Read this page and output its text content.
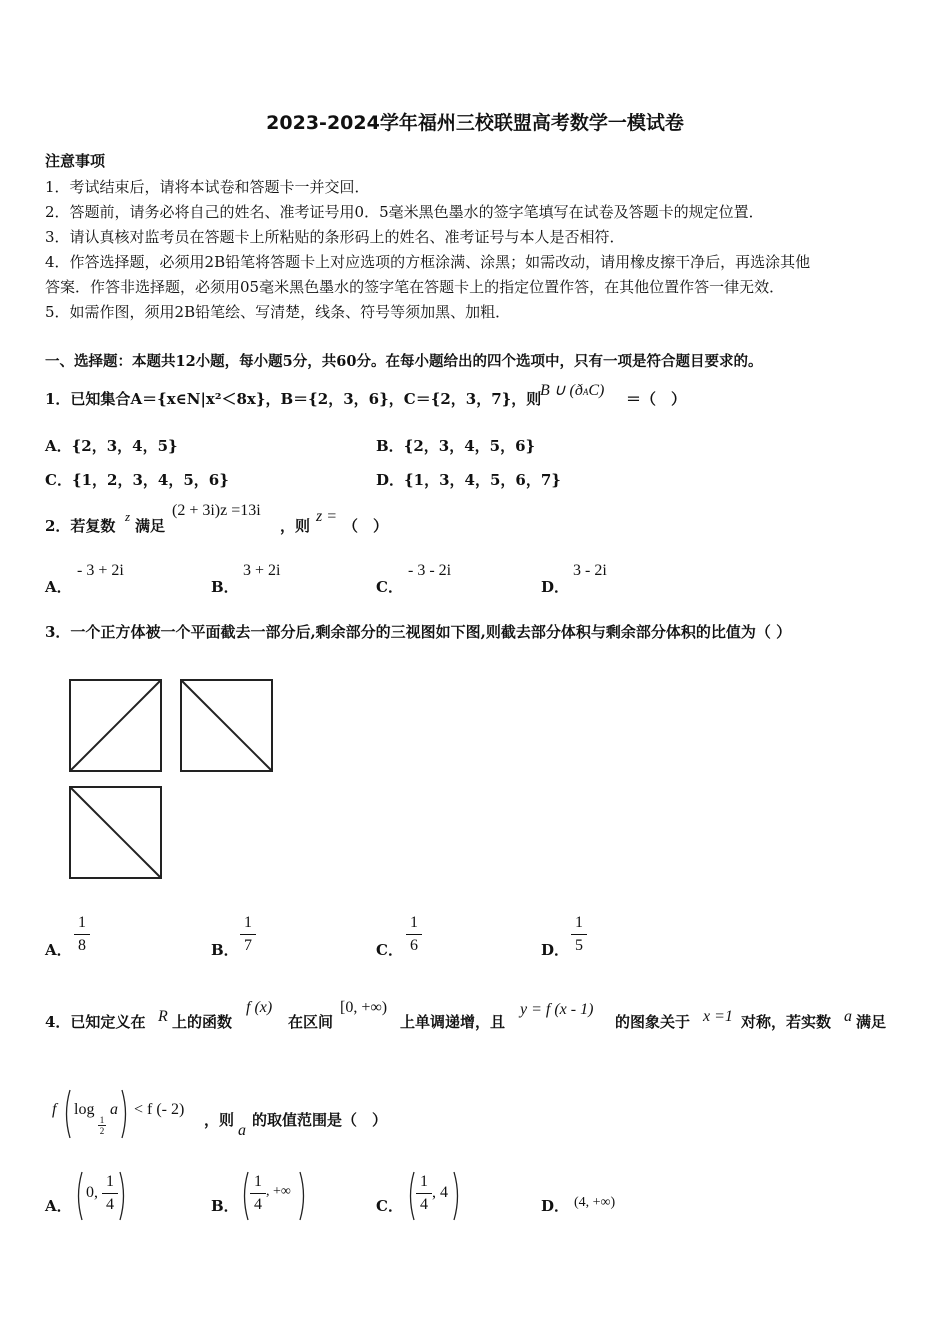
2023-2024学年福州三校联盟高考数学一模试卷
注意事项
1．考试结束后，请将本试卷和答题卡一并交回．
2．答题前，请务必将自己的姓名、准考证号用0．5毫米黑色墨水的签字笔填写在试卷及答题卡的规定位置．
3．请认真核对监考员在答题卡上所粘贴的条形码上的姓名、准考证号与本人是否相符．
4．作答选择题，必须用2B铅笔将答题卡上对应选项的方框涂满、涂黑；如需改动，请用橡皮擦干净后，再选涂其他
答案．作答非选择题，必须用05毫米黑色墨水的签字笔在答题卡上的指定位置作答，在其他位置作答一律无效．
5．如需作图，须用2B铅笔绘、写清楚，线条、符号等须加黑、加粗．
一、选择题：本题共12小题，每小题5分，共60分。在每小题给出的四个选项中，只有一项是符合题目要求的。
1．已知集合A＝{x∈N|x²＜8x}，B＝{2，3，6}，C＝{2，3，7}，则
B ∪ (ðAC) ＝（　）
A．{2，3，4，5}	B．{2，3，4，5，6}
C．{1，2，3，4，5，6}	D．{1，3，4，5，6，7}
2．若复数
z
满足
(2 + 3i)z =13i
，则
z =
（　）
A．
- 3 + 2i
B．
3 + 2i
C．
- 3 - 2i
D．
3 - 2i
3．一个正方体被一个平面截去一部分后,剩余部分的三视图如下图,则截去部分体积与剩余部分体积的比值为（ ）
A．
1
8	B．
1
7	C．
1
6	D．
1
5
4．已知定义在 R 上的函数
f (x)
在区间
[0, +∞)
上单调递增，且
y = f (x - 1)
的图象关于 x =1 对称，若实数 a 满足
f log
1
2
a < f (- 2)
，则
a
的取值范围是（　）
A．
0,
1
4	B．
1
4
, +∞
C．
1
4
, 4
D． (4, +∞)
